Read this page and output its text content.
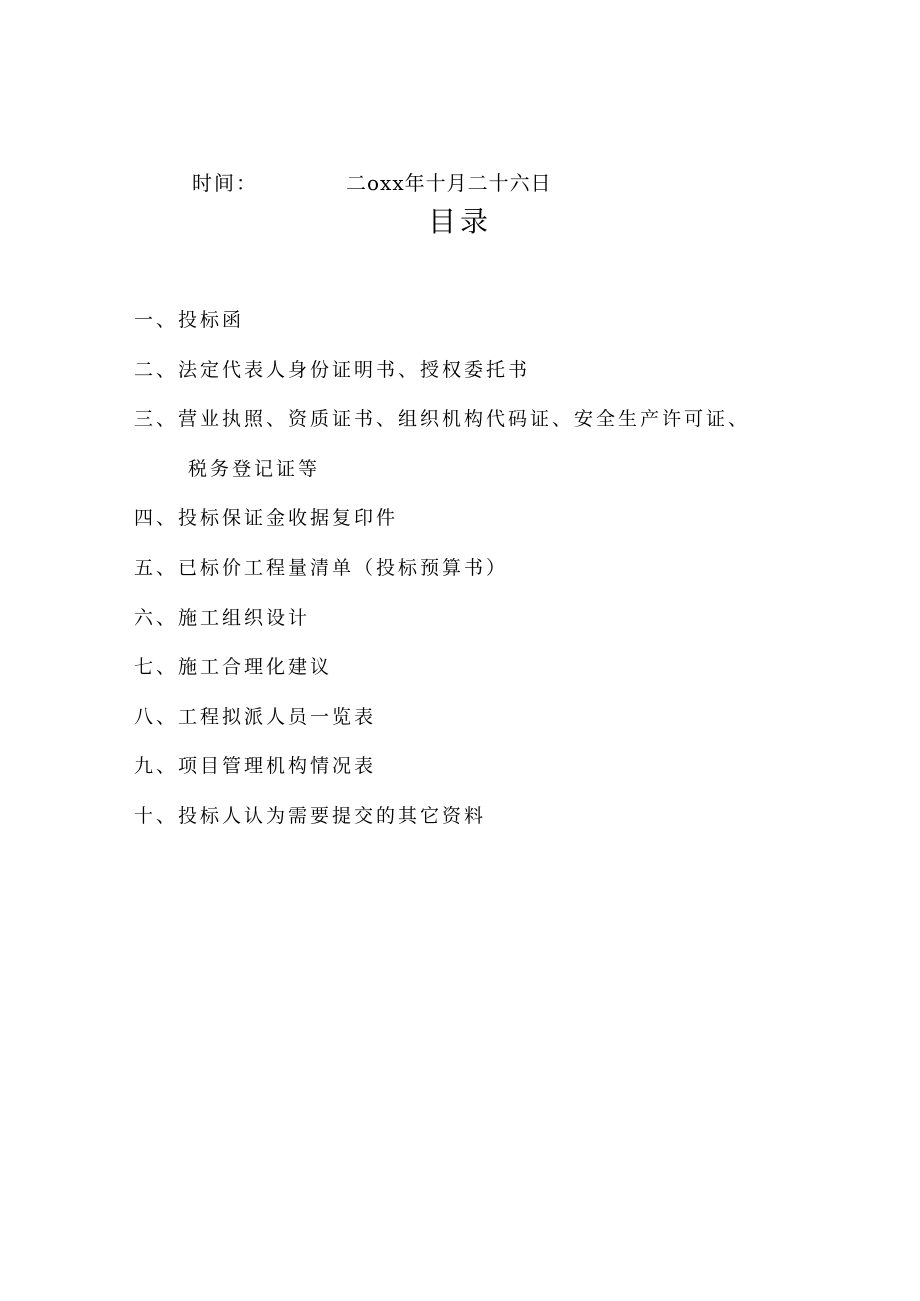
时间：	二oxx年十月二十六日
目录
一、投标函
二、法定代表人身份证明书、授权委托书
三、营业执照、资质证书、组织机构代码证、安全生产许可证、
税务登记证等
四、投标保证金收据复印件
五、已标价工程量清单（投标预算书）
六、施工组织设计
七、施工合理化建议
八、工程拟派人员一览表
九、项目管理机构情况表
十、投标人认为需要提交的其它资料
